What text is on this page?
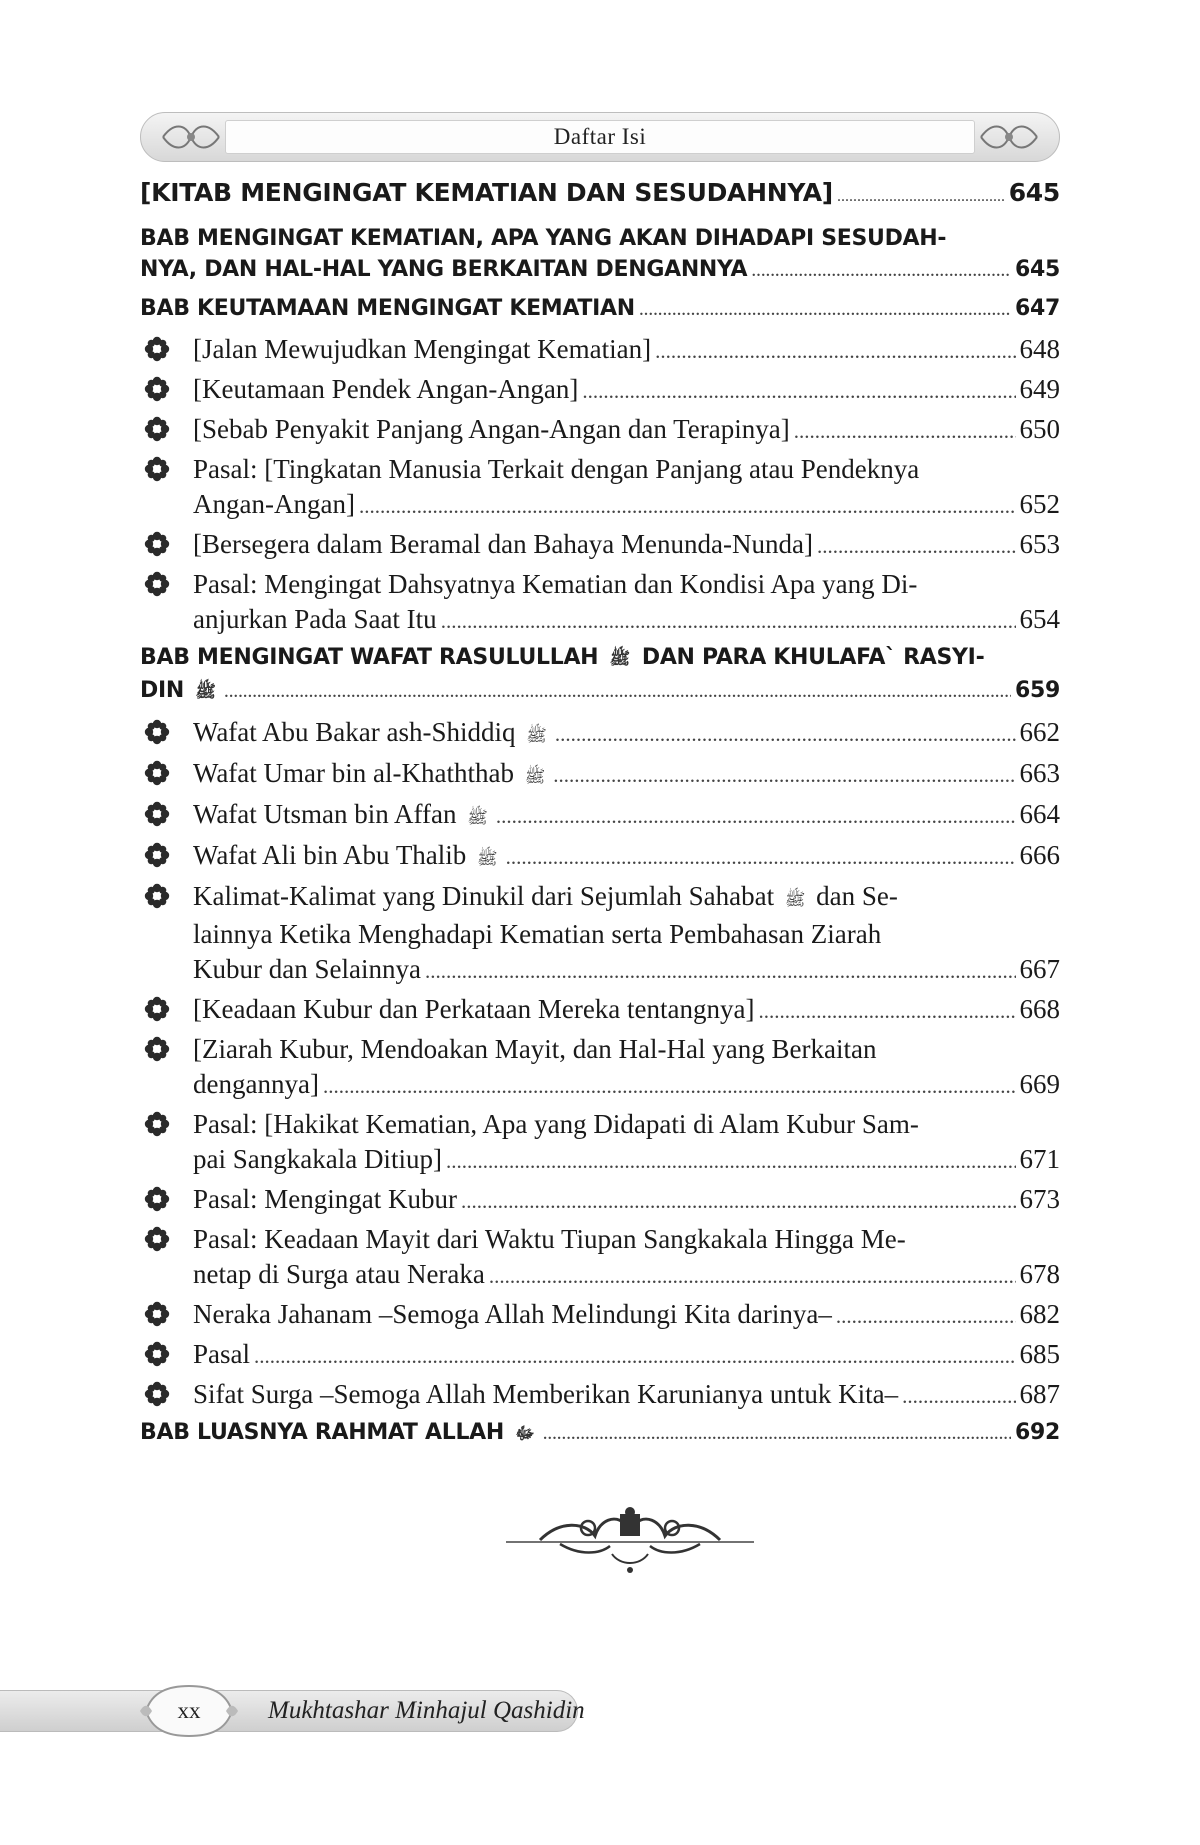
Daftar Isi
[KITAB MENGINGAT KEMATIAN DAN SESUDAHNYA] .....	645
BAB MENGINGAT KEMATIAN, APA YANG AKAN DIHADAPI SESUDAH-
NYA, DAN HAL-HAL YANG BERKAITAN DENGANNYA .....	645
BAB KEUTAMAAN MENGINGAT KEMATIAN .....	647
[Jalan Mewujudkan Mengingat Kematian] .....	648
[Keutamaan Pendek Angan-Angan] .....	649
[Sebab Penyakit Panjang Angan-Angan dan Terapinya] .....	650
Pasal: [Tingkatan Manusia Terkait dengan Panjang atau Pendeknya
Angan-Angan] .....	652
[Bersegera dalam Beramal dan Bahaya Menunda-Nunda] .....	653
Pasal: Mengingat Dahsyatnya Kematian dan Kondisi Apa yang Di-
anjurkan Pada Saat Itu .....	654
BAB MENGINGAT WAFAT RASULULLAH ﷺ DAN PARA KHULAFA` RASYI-
DIN ﷺ .....	659
Wafat Abu Bakar ash-Shiddiq ﷺ .....	662
Wafat Umar bin al-Khaththab ﷺ .....	663
Wafat Utsman bin Affan ﷺ .....	664
Wafat Ali bin Abu Thalib ﷺ .....	666
Kalimat-Kalimat yang Dinukil dari Sejumlah Sahabat ﷺ dan Se-
lainnya Ketika Menghadapi Kematian serta Pembahasan Ziarah
Kubur dan Selainnya .....	667
[Keadaan Kubur dan Perkataan Mereka tentangnya] .....	668
[Ziarah Kubur, Mendoakan Mayit, dan Hal-Hal yang Berkaitan
dengannya] .....	669
Pasal: [Hakikat Kematian, Apa yang Didapati di Alam Kubur Sam-
pai Sangkakala Ditiup] .....	671
Pasal: Mengingat Kubur .....	673
Pasal: Keadaan Mayit dari Waktu Tiupan Sangkakala Hingga Me-
netap di Surga atau Neraka .....	678
Neraka Jahanam –Semoga Allah Melindungi Kita darinya– .....	682
Pasal .....	685
Sifat Surga –Semoga Allah Memberikan Karunianya untuk Kita– .....	687
BAB LUASNYA RAHMAT ALLAH ﷻ .....	692
xx	Mukhtashar Minhajul Qashidin
